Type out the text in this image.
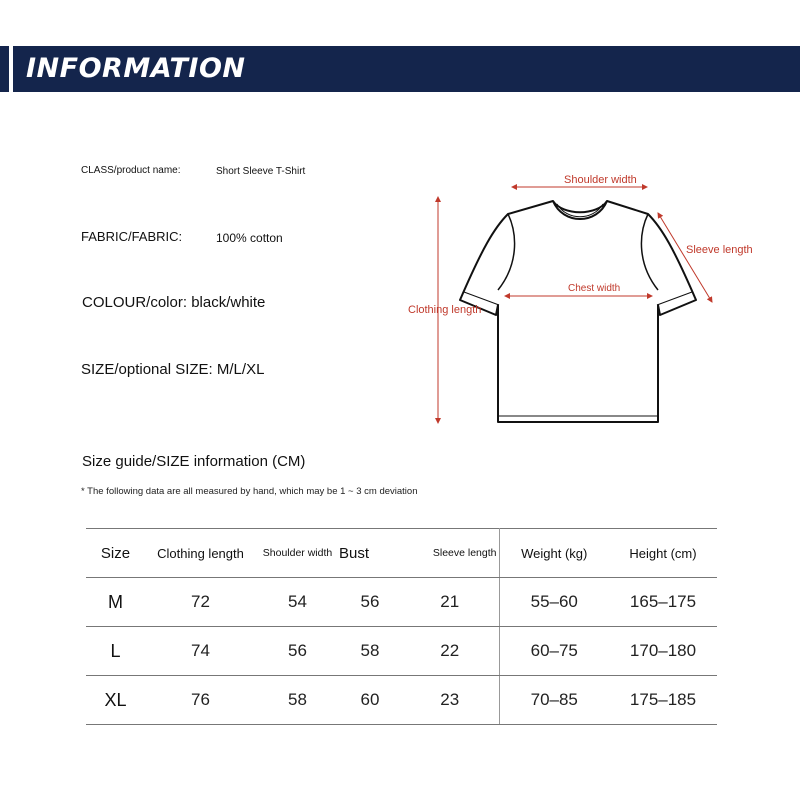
INFORMATION
CLASS/product name:	Short Sleeve T-Shirt
FABRIC/FABRIC:	100% cotton
COLOUR/color: black/white
SIZE/optional SIZE: M/L/XL
Shoulder width
Sleeve length
Chest width
Clothing length
Size guide/SIZE information (CM)
* The following data are all measured by hand, which may be 1 ~ 3 cm deviation
Size	Clothing length	Shoulder width	Bust	Sleeve length	Weight (kg)	Height (cm)
M	72	54	56	21	55–60	165–175
L	74	56	58	22	60–75	170–180
XL	76	58	60	23	70–85	175–185
